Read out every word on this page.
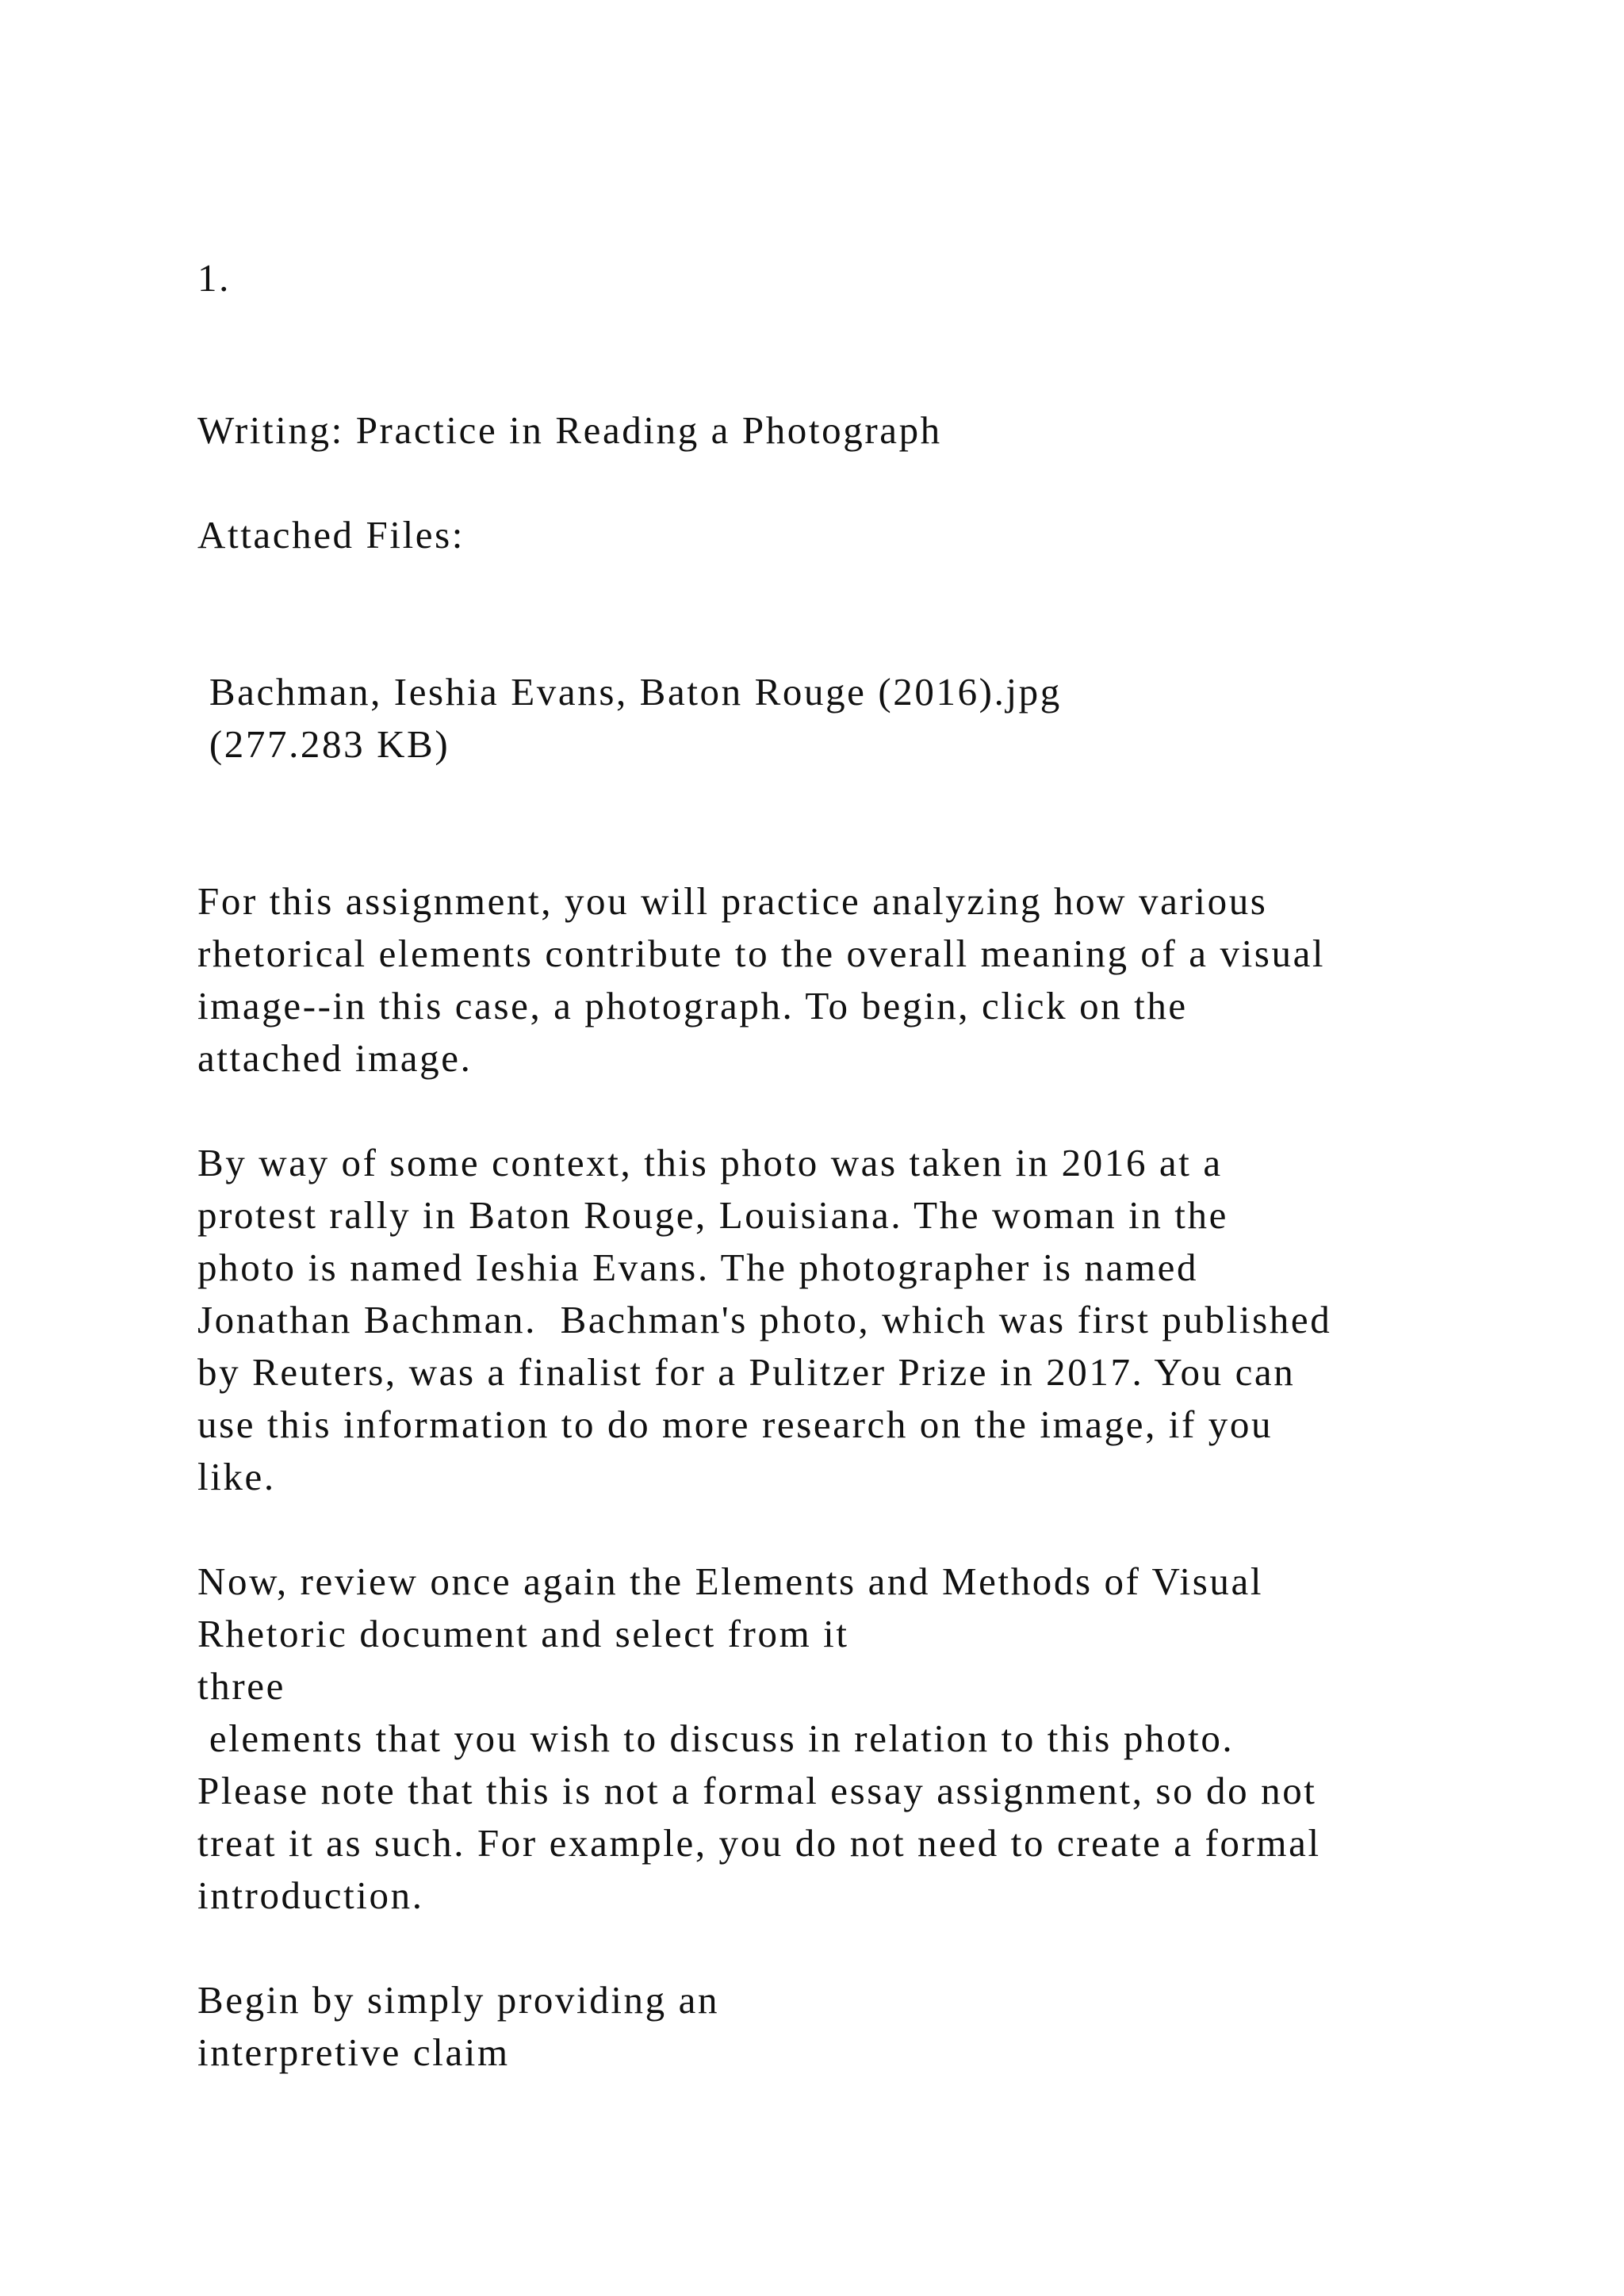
1.

Writing: Practice in Reading a Photograph

Attached Files:

Bachman, Ieshia Evans, Baton Rouge (2016).jpg

(277.283 KB)

For this assignment, you will practice analyzing how various

rhetorical elements contribute to the overall meaning of a visual

image--in this case, a photograph. To begin, click on the

attached image.

By way of some context, this photo was taken in 2016 at a

protest rally in Baton Rouge, Louisiana. The woman in the

photo is named Ieshia Evans. The photographer is named

Jonathan Bachman.  Bachman's photo, which was first published

by Reuters, was a finalist for a Pulitzer Prize in 2017. You can

use this information to do more research on the image, if you

like.

Now, review once again the Elements and Methods of Visual

Rhetoric document and select from it

three

elements that you wish to discuss in relation to this photo.

Please note that this is not a formal essay assignment, so do not

treat it as such. For example, you do not need to create a formal

introduction.

Begin by simply providing an

interpretive claim
